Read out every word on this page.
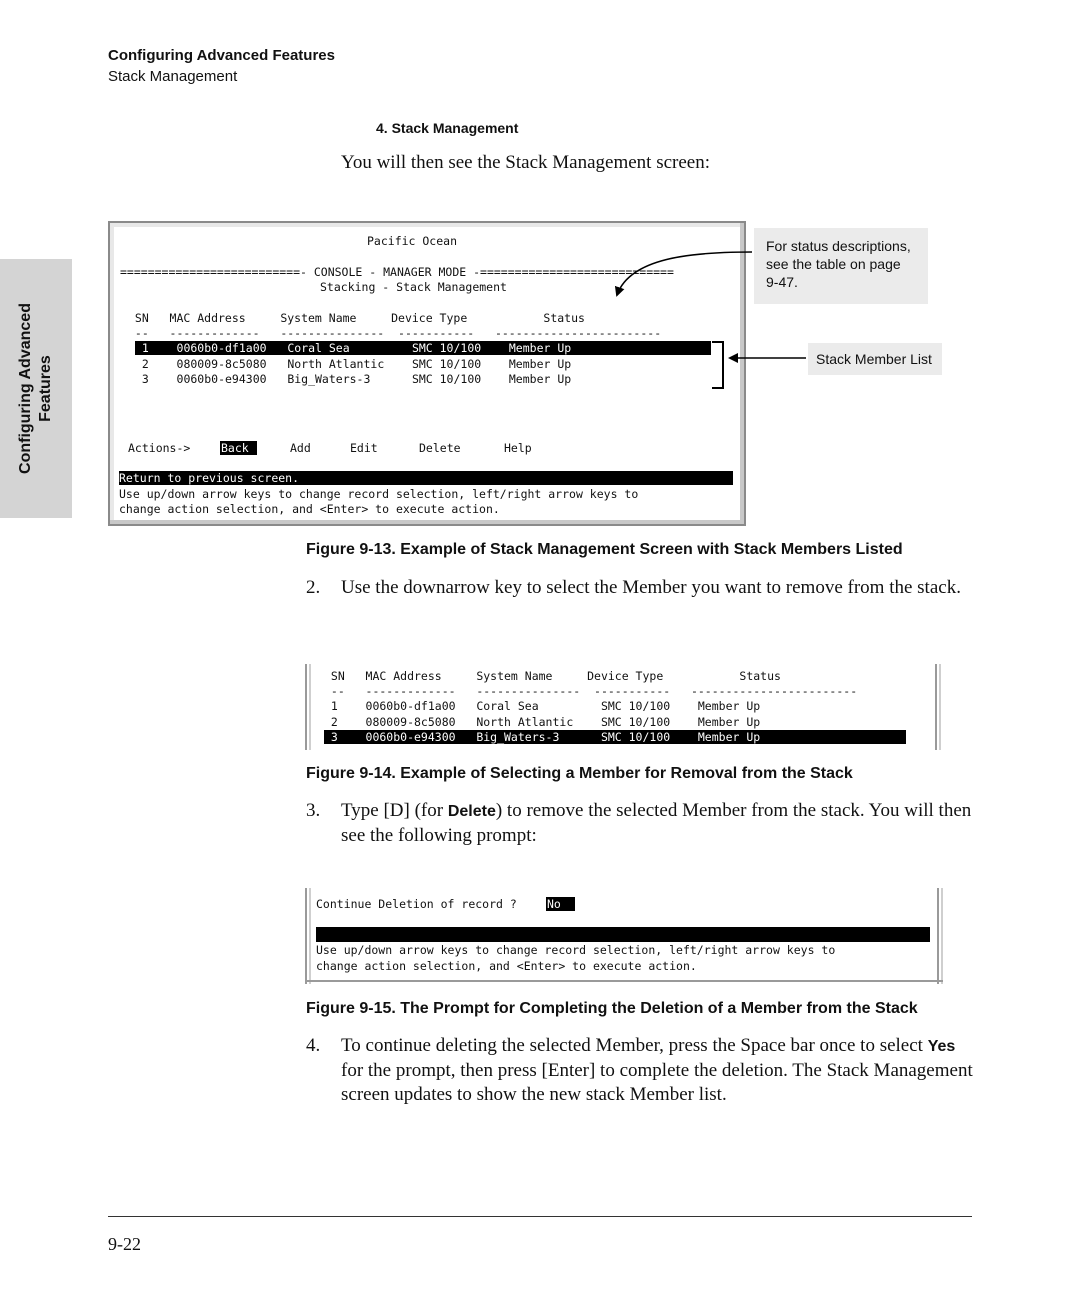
Configuring Advanced Features
Stack Management
Configuring Advanced Features
4. Stack Management
You will then see the Stack Management screen:
Pacific Ocean
==========================- CONSOLE - MANAGER MODE -============================
Stacking - Stack Management
SN   MAC Address     System Name     Device Type           Status
--   -------------   ---------------  -----------   ------------------------
1    0060b0-df1a00   Coral Sea         SMC 10/100    Member Up
2    080009-8c5080   North Atlantic    SMC 10/100    Member Up
3    0060b0-e94300   Big_Waters-3      SMC 10/100    Member Up
Actions->	Back	Add	Edit	Delete	Help
Return to previous screen.
Use up/down arrow keys to change record selection, left/right arrow keys to
change action selection, and <Enter> to execute action.
For status descriptions, see the table on page 9-47.
Stack Member List
Figure 9-13. Example of Stack Management Screen with Stack Members Listed
2. Use the downarrow key to select the Member you want to remove from the stack.
SN   MAC Address     System Name     Device Type           Status
--   -------------   ---------------  -----------   ------------------------
1    0060b0-df1a00   Coral Sea         SMC 10/100    Member Up
2    080009-8c5080   North Atlantic    SMC 10/100    Member Up
3    0060b0-e94300   Big_Waters-3      SMC 10/100    Member Up
Figure 9-14. Example of Selecting a Member for Removal from the Stack
3. Type [D] (for Delete) to remove the selected Member from the stack. You will then see the following prompt:
Continue Deletion of record ? No
Use up/down arrow keys to change record selection, left/right arrow keys to
change action selection, and <Enter> to execute action.
Figure 9-15. The Prompt for Completing the Deletion of a Member from the Stack
4. To continue deleting the selected Member, press the Space bar once to select Yes for the prompt, then press [Enter] to complete the deletion. The Stack Management screen updates to show the new stack Member list.
9-22
